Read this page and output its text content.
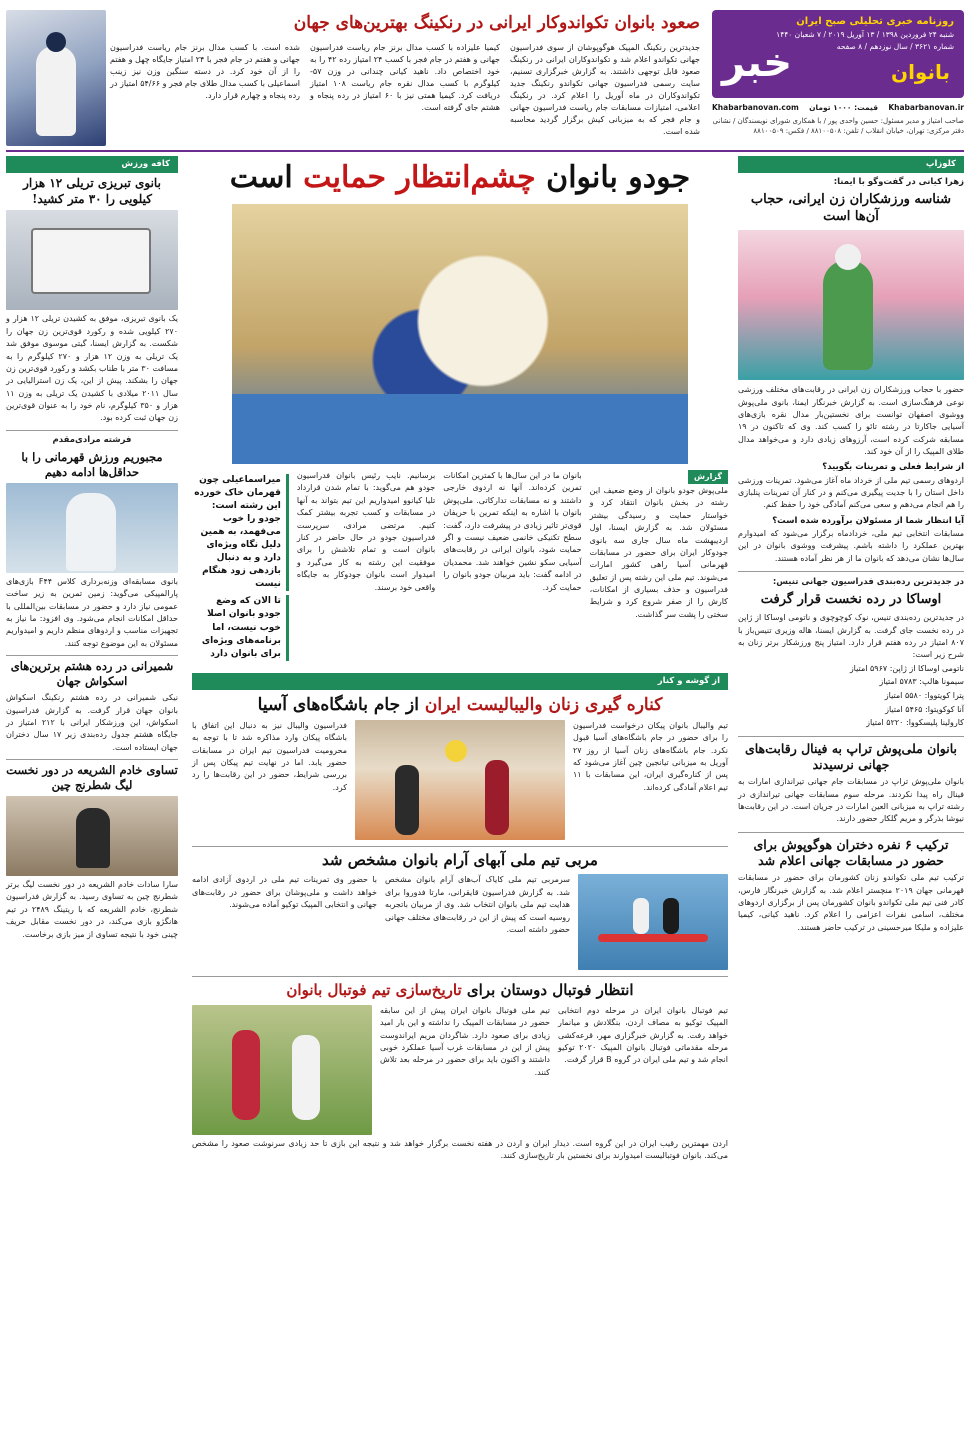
روزنامه خبری تحلیلی صبح ایران
شنبه ۲۴ فروردین ۱۳۹۸ / ۱۳ آوریل ۲۰۱۹ / ۷ شعبان ۱۴۴۰
شماره ۳۶۲۱ / سال نوزدهم / ۸ صفحه
خبر	بانوان
Khabarbanovan.ir
قیمت: ۱۰۰۰ تومان
Khabarbanovan.com
صاحب امتیاز و مدیر مسئول: حسین واحدی پور / با همکاری شورای نویسندگان / نشانی دفتر مرکزی: تهران، خیابان انقلاب / تلفن: ۸۸۱۰۰۵۰۸ / فکس: ۸۸۱۰۰۵۰۹
صعود بانوان تکواندوکار ایرانی در رنکینگ بهترین‌های جهان

جدیدترین رنکینگ المپیک هوگوپوشان از سوی فدراسیون جهانی تکواندو اعلام شد و تکواندوکاران ایرانی در رنکینگ صعود قابل توجهی داشتند. به گزارش خبرگزاری تسنیم، سایت رسمی فدراسیون جهانی تکواندو رنکینگ جدید تکواندوکاران در ماه آوریل را اعلام کرد. در رنکینگ اعلامی، امتیازات مسابقات جام ریاست فدراسیون جهانی و جام فجر که به میزبانی کیش برگزار گردید محاسبه شده است.

کیمیا علیزاده با کسب مدال برنز جام ریاست فدراسیون جهانی و هفتم در جام فجر با کسب ۲۴ امتیاز رده ۴۲ را به خود اختصاص داد. ناهید کیانی چندانی در وزن ۵۷- کیلوگرم با کسب مدال نقره جام ریاست ۱۰۸ امتیاز دریافت کرد. کیمیا همتی نیز با ۶۰ امتیاز در رده پنجاه و هشتم جای گرفته است.

شده است. با کسب مدال برنز جام ریاست فدراسیون جهانی و هفتم در جام فجر با ۲۴ امتیاز جایگاه چهل و هفتم را از آن خود کرد. در دسته سنگین وزن نیز زینب اسماعیلی با کسب مدال طلای جام فجر و ۵۴/۶۶ امتیاز در رده پنجاه و چهارم قرار دارد.

کلوزاپ
زهرا کیانی در گفت‌وگو با ایمنا:
شناسه ورزشکاران زن ایرانی، حجاب آن‌ها است
حضور با حجاب ورزشکاران زن ایرانی در رقابت‌های مختلف ورزشی نوعی فرهنگ‌سازی است. به گزارش خبرنگار ایمنا، بانوی ملی‌پوش ووشوی اصفهان توانست برای نخستین‌بار مدال نقره بازی‌های آسیایی جاکارتا در رشته تائو را کسب کند. وی که تاکنون در ۱۹ مسابقه شرکت کرده است، آرزوهای زیادی دارد و می‌خواهد مدال طلای المپیک را از آن خود کند.
از شرایط فعلی و تمرینات بگویید؟
اردوهای رسمی تیم ملی از خرداد ماه آغاز می‌شود. تمرینات ورزشی داخل استان را با جدیت پیگیری می‌کنم و در کنار آن تمرینات پنلبازی را هم انجام می‌دهم و سعی می‌کنم آمادگی خود را حفظ کنم.
آیا انتظار شما از مسئولان برآورده شده است؟
مسابقات انتخابی تیم ملی، خردادماه برگزار می‌شود که امیدوارم بهترین عملکرد را داشته باشم. پیشرفت ووشوی بانوان در این سال‌ها نشان می‌دهد که بانوان ما از هر نظر آماده هستند.
در جدیدترین رده‌بندی فدراسیون جهانی تنیس:
اوساکا در رده نخست قرار گرفت
در جدیدترین رده‌بندی تنیس، نوک کوچوچوی و ناتومی اوساکا از ژاپن در رده نخست جای گرفت. به گزارش ایسنا، هاله وزیری تنیس‌باز با ۸۰۷ امتیاز در رده هفتم قرار دارد. امتیاز پنج ورزشکار برتر زنان به شرح زیر است:
ناتومی اوساکا از ژاپن: ۵۹۶۷ امتیاز
سیمونا هالپ: ۵۷۸۳ امتیاز
پترا کویتووا: ۵۵۸۰ امتیاز
آنا کوکویتوا: ۵۴۶۵ امتیاز
کارولینا پلیسکووا: ۵۲۲۰ امتیاز
بانوان ملی‌پوش تراپ به فینال رقابت‌های جهانی نرسیدند
بانوان ملی‌پوش تراپ در مسابقات جام جهانی تیراندازی امارات به فینال راه پیدا نکردند. مرحله سوم مسابقات جهانی تیراندازی در رشته تراپ به میزبانی العین امارات در جریان است. در این رقابت‌ها نیوشا بذرگر و مریم گلکار حضور دارند.
ترکیب ۶ نفره دختران هوگوپوش برای حضور در مسابقات جهانی اعلام شد
ترکیب تیم ملی تکواندو زنان کشورمان برای حضور در مسابقات قهرمانی جهان ۲۰۱۹ منچستر اعلام شد. به گزارش خبرنگار فارس، کادر فنی تیم ملی تکواندو بانوان کشورمان پس از برگزاری اردوهای مختلف، اسامی نفرات اعزامی را اعلام کرد. ناهید کیانی، کیمیا علیزاده و ملیکا میرحسینی در ترکیب حاضر هستند.
جودو بانوان چشم‌انتظار حمایت است
گزارش
ملی‌پوش جودو بانوان از وضع ضعیف این رشته در بخش بانوان انتقاد کرد و خواستار حمایت و رسیدگی بیشتر مسئولان شد. به گزارش ایسنا، اول اردیبهشت ماه سال جاری سه بانوی جودوکار ایران برای حضور در مسابقات قهرمانی آسیا راهی کشور امارات می‌شوند. تیم ملی این رشته پس از تعلیق فدراسیون و حذف بسیاری از امکانات، کارش را از صفر شروع کرد و شرایط سختی را پشت سر گذاشت.
بانوان ما در این سال‌ها با کمترین امکانات تمرین کرده‌اند. آنها نه اردوی خارجی داشتند و نه مسابقات تدارکاتی. ملی‌پوش بانوان با اشاره به اینکه تمرین با حریفان قوی‌تر تاثیر زیادی در پیشرفت دارد، گفت: سطح تکنیکی خانمی ضعیف نیست و اگر حمایت شود، بانوان ایرانی در رقابت‌های آسیایی سکو نشین خواهند شد. محمدیان در ادامه گفت: باید مربیان جودو بانوان را حمایت کرد.
برسانیم. نایب رئیس بانوان فدراسیون جودو هم می‌گوید: با تمام شدن قرارداد تلیا کیانوو امیدواریم این تیم بتواند به آنها در مسابقات و کسب تجربه بیشتر کمک کنیم. مرتضی مرادی، سرپرست فدراسیون جودو در حال حاضر در کنار بانوان است و تمام تلاشش را برای موفقیت این رشته به کار می‌گیرد و امیدوار است بانوان جودوکار به جایگاه واقعی خود برسند.
میراسماعیلی چون قهرمان خاک خورده این رشته است:
جودو را خوب می‌فهمد، به همین دلیل نگاه ویژه‌ای دارد و به دنبال بازدهی زود هنگام نیست
تا الان که وضع جودو بانوان اصلا خوب نیست، اما برنامه‌های ویژه‌ای برای بانوان دارد
از گوشه و کنار
کناره گیری زنان والیبالیست ایران از جام باشگاه‌های آسیا
تیم والیبال بانوان پیکان درخواست فدراسیون را برای حضور در جام باشگاه‌های آسیا قبول نکرد. جام باشگاه‌های زنان آسیا از روز ۲۷ آوریل به میزبانی تیانجین چین آغاز می‌شود که پس از کناره‌گیری ایران، این مسابقات با ۱۱ تیم اعلام آمادگی کرده‌اند.
فدراسیون والیبال نیز به دنبال این اتفاق با باشگاه پیکان وارد مذاکره شد تا با توجه به محرومیت فدراسیون تیم ایران در مسابقات حضور یابد. اما در نهایت تیم پیکان پس از بررسی شرایط، حضور در این رقابت‌ها را رد کرد.
مربی تیم ملی آبهای آرام بانوان مشخص شد
سرمربی تیم ملی کایاک آب‌های آرام بانوان مشخص شد. به گزارش فدراسیون قایقرانی، مارتا فدوروا برای هدایت تیم ملی بانوان انتخاب شد. وی از مربیان باتجربه روسیه است که پیش از این در رقابت‌های مختلف جهانی حضور داشته است.
با حضور وی تمرینات تیم ملی در اردوی آزادی ادامه خواهد داشت و ملی‌پوشان برای حضور در رقابت‌های جهانی و انتخابی المپیک توکیو آماده می‌شوند.
انتظار فوتبال دوستان برای تاریخ‌سازی تیم فوتبال بانوان
تیم فوتبال بانوان ایران در مرحله دوم انتخابی المپیک توکیو به مصاف اردن، بنگلادش و میانمار خواهد رفت. به گزارش خبرگزاری مهر، قرعه‌کشی مرحله مقدماتی فوتبال بانوان المپیک ۲۰۲۰ توکیو انجام شد و تیم ملی ایران در گروه B قرار گرفت.
تیم ملی فوتبال بانوان ایران پیش از این سابقه حضور در مسابقات المپیک را نداشته و این بار امید زیادی برای صعود دارد. شاگردان مریم ایراندوست پیش از این در مسابقات غرب آسیا عملکرد خوبی داشتند و اکنون باید برای حضور در مرحله بعد تلاش کنند.
اردن مهمترین رقیب ایران در این گروه است. دیدار ایران و اردن در هفته نخست برگزار خواهد شد و نتیجه این بازی تا حد زیادی سرنوشت صعود را مشخص می‌کند. بانوان فوتبالیست امیدوارند برای نخستین بار تاریخ‌سازی کنند.
کافه ورزش
بانوی تبریزی تریلی ۱۲ هزار کیلویی را ۳۰ متر کشید!
یک بانوی تبریزی، موفق به کشیدن تریلی ۱۲ هزار و ۲۷۰ کیلویی شده و رکورد قوی‌ترین زن جهان را شکست. به گزارش ایسنا، گیتی موسوی موفق شد یک تریلی به وزن ۱۲ هزار و ۲۷۰ کیلوگرم را به مسافت ۳۰ متر با طناب بکشد و رکورد قوی‌ترین زن جهان را بشکند. پیش از این، یک زن استرالیایی در سال ۲۰۱۱ میلادی با کشیدن یک تریلی به وزن ۱۱ هزار و ۳۵۰ کیلوگرم، نام خود را به عنوان قوی‌ترین زن جهان ثبت کرده بود.
فرشته مرادی‌مقدم
مجبوریم ورزش قهرمانی را با حداقل‌ها ادامه دهیم
بانوی مسابقه‌ای وزنه‌برداری کلاس F۴۴ بازی‌های پارالمپیکی می‌گوید: زمین تمرین به زیر ساخت عمومی نیاز دارد و حضور در مسابقات بین‌المللی با حداقل امکانات انجام می‌شود. وی افزود: ما نیاز به تجهیزات مناسب و اردوهای منظم داریم و امیدواریم مسئولان به این موضوع توجه کنند.
شمیرانی در رده هشتم برترین‌های اسکواش جهان
نیکی شمیرانی در رده هشتم رنکینگ اسکواش بانوان جهان قرار گرفت. به گزارش فدراسیون اسکواش، این ورزشکار ایرانی با ۲۱۲ امتیاز در جایگاه هشتم جدول رده‌بندی زیر ۱۷ سال دختران جهان ایستاده است.
تساوی خادم الشریعه در دور نخست لیگ شطرنج چین
سارا سادات خادم الشریعه در دور نخست لیگ برتر شطرنج چین به تساوی رسید. به گزارش فدراسیون شطرنج، خادم الشریعه که با ریتینگ ۲۴۸۹ در تیم هانگژو بازی می‌کند، در دور نخست مقابل حریف چینی خود با نتیجه تساوی از میز بازی برخاست.
